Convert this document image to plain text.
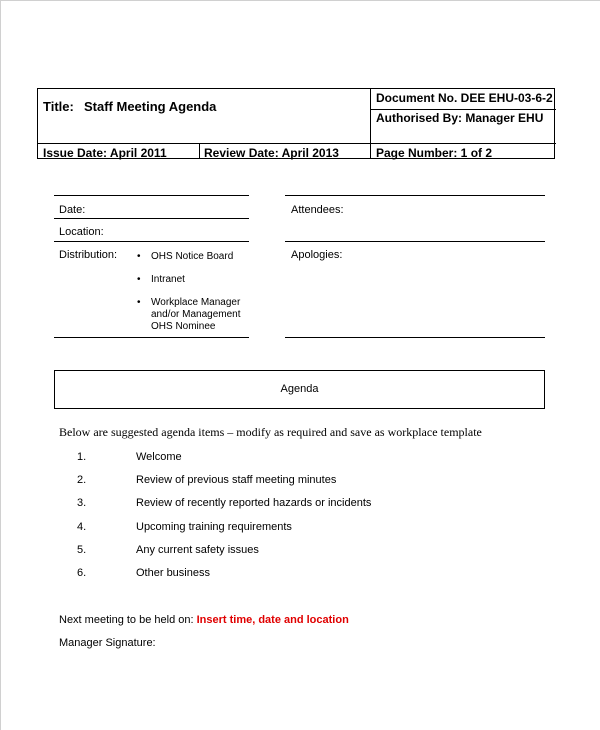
Title: Staff Meeting Agenda
Document No. DEE EHU-03-6-2
Authorised By: Manager EHU
Issue Date: April 2011	Review Date: April 2013	Page Number: 1 of 2
Date:
Location:
Distribution: • OHS Notice Board
• Intranet
• Workplace Manager and/or Management OHS Nominee
Attendees:
Apologies:
Agenda
Below are suggested agenda items – modify as required and save as workplace template
1.	Welcome
2.	Review of previous staff meeting minutes
3.	Review of recently reported hazards or incidents
4.	Upcoming training requirements
5.	Any current safety issues
6.	Other business
Next meeting to be held on: Insert time, date and location
Manager Signature:
